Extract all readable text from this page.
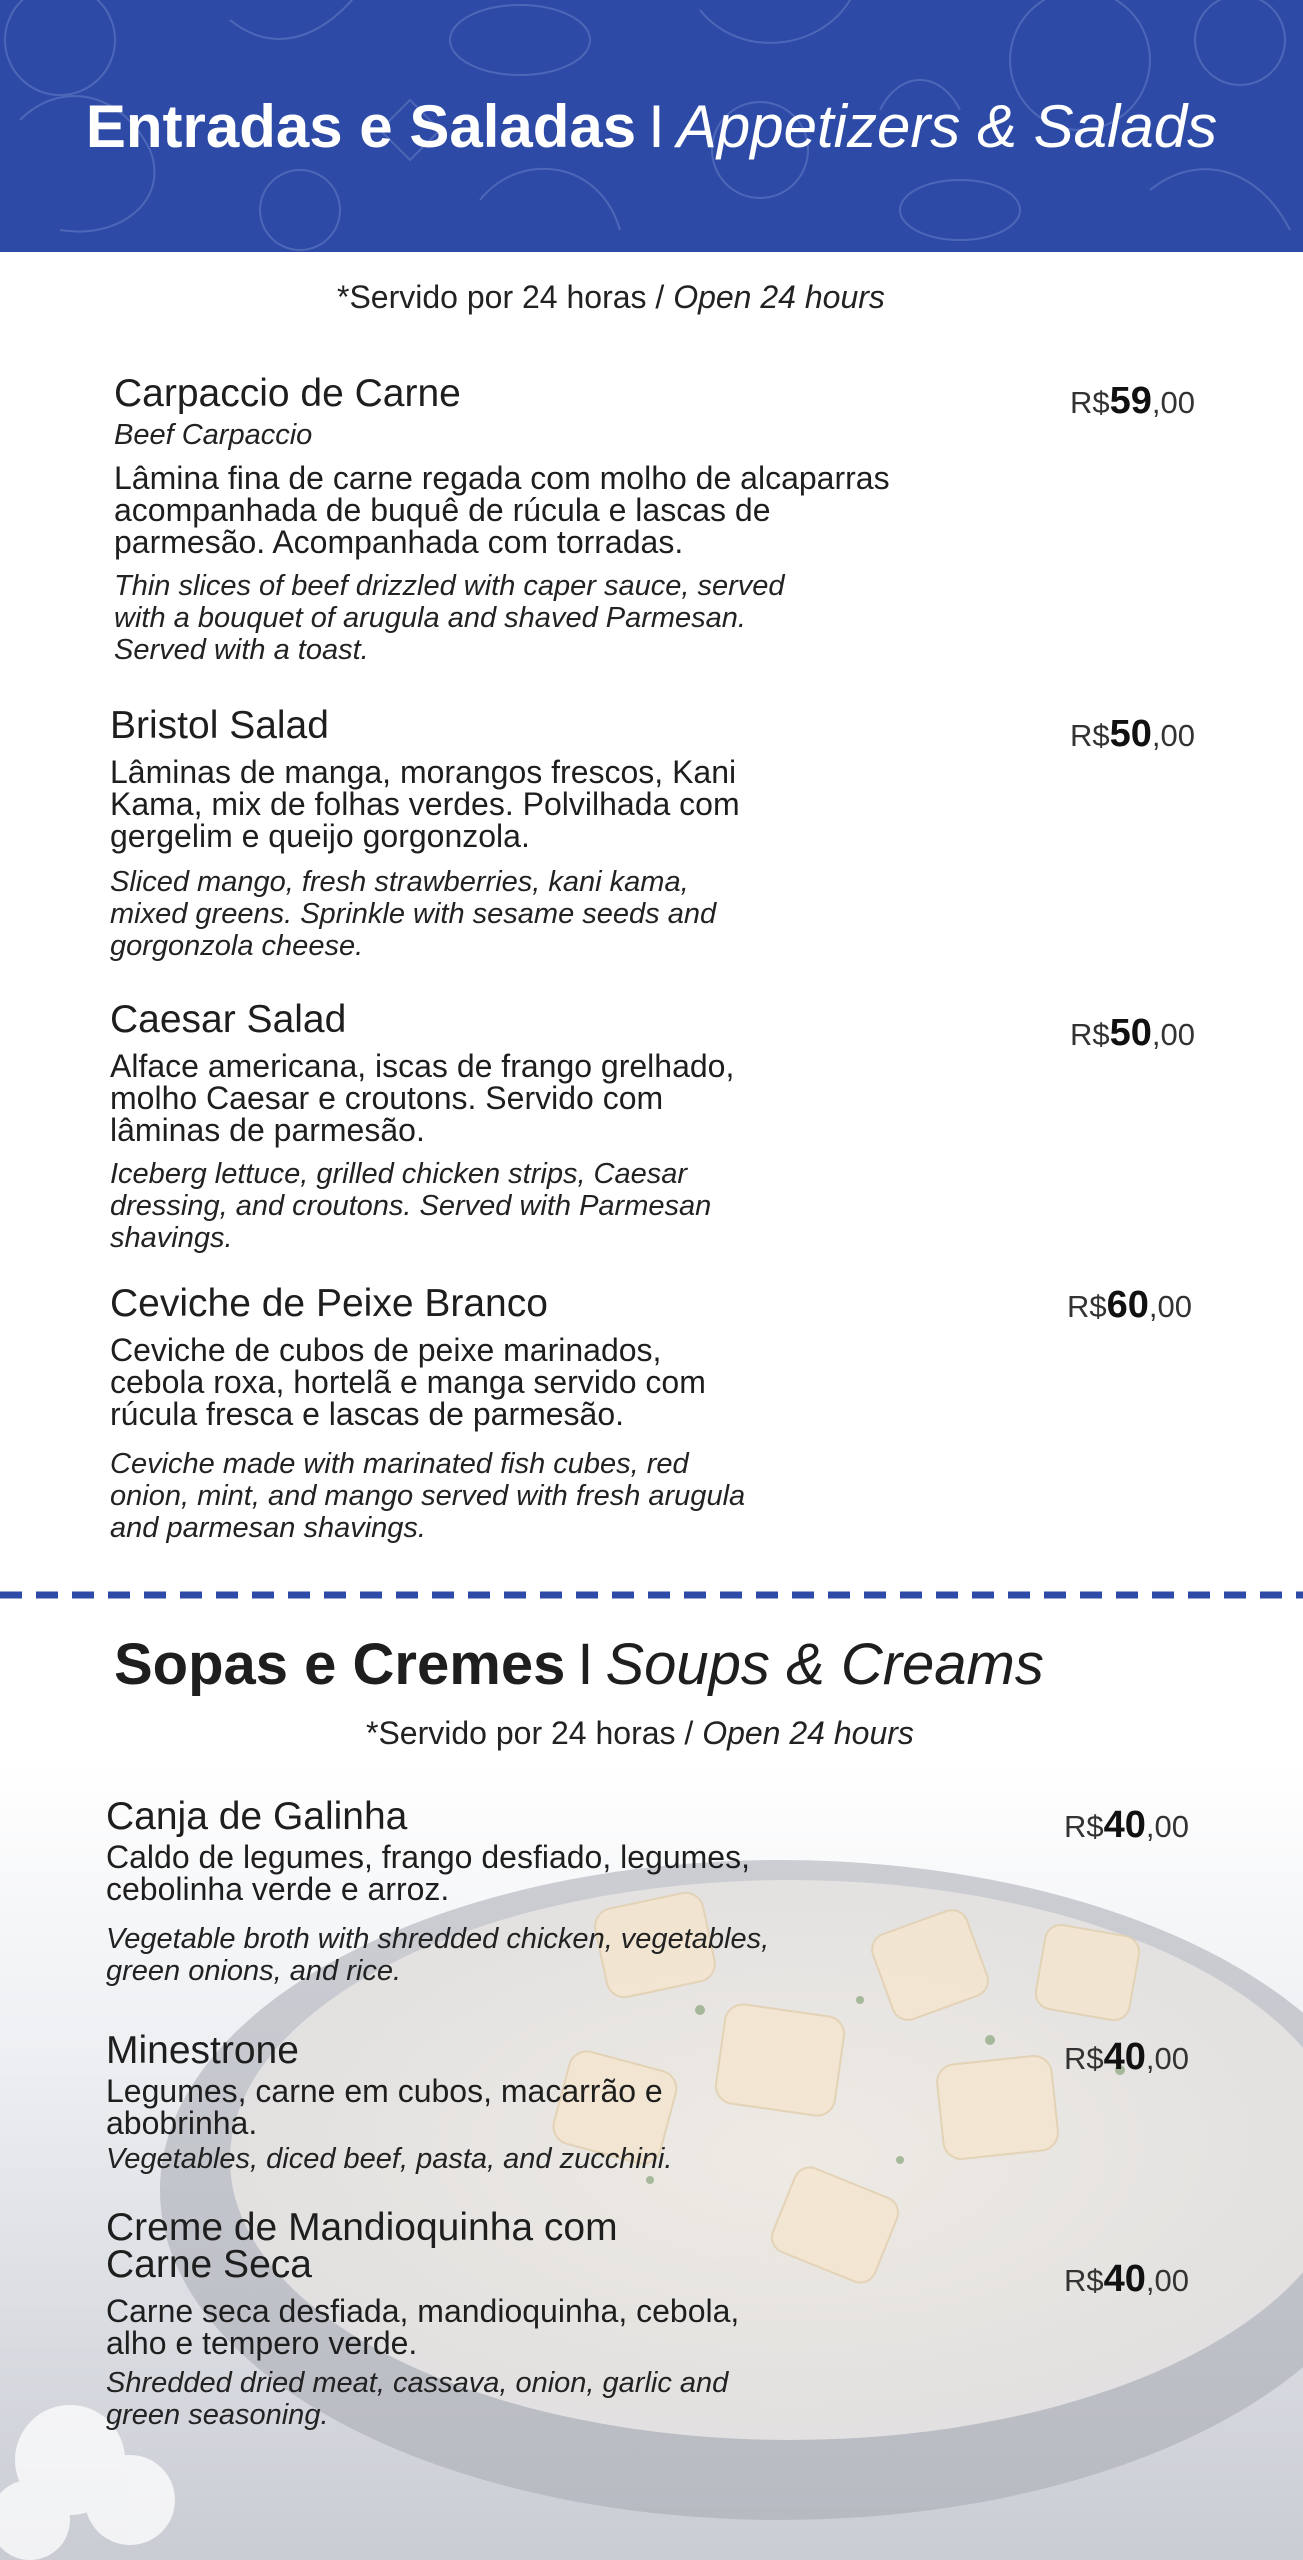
Entradas e Saladas I Appetizers & Salads
*Servido por 24 horas / Open 24 hours
Carpaccio de Carne
Beef Carpaccio
Lâmina fina de carne regada com molho de alcaparras acompanhada de buquê de rúcula e lascas de parmesão. Acompanhada com torradas.
Thin slices of beef drizzled with caper sauce, served with a bouquet of arugula and shaved Parmesan. Served with a toast.
R$59,00
Bristol Salad
Lâminas de manga, morangos frescos, Kani Kama, mix de folhas verdes. Polvilhada com gergelim e queijo gorgonzola.
Sliced mango, fresh strawberries, kani kama, mixed greens. Sprinkle with sesame seeds and gorgonzola cheese.
R$50,00
Caesar Salad
Alface americana, iscas de frango grelhado, molho Caesar e croutons. Servido com lâminas de parmesão.
Iceberg lettuce, grilled chicken strips, Caesar dressing, and croutons. Served with Parmesan shavings.
R$50,00
Ceviche de Peixe Branco
Ceviche de cubos de peixe marinados, cebola roxa, hortelã e manga servido com rúcula fresca e lascas de parmesão.
Ceviche made with marinated fish cubes, red onion, mint, and mango served with fresh arugula and parmesan shavings.
R$60,00
Sopas e Cremes I Soups & Creams
*Servido por 24 horas / Open 24 hours
Canja de Galinha
Caldo de legumes, frango desfiado, legumes, cebolinha verde e arroz.
Vegetable broth with shredded chicken, vegetables, green onions, and rice.
R$40,00
Minestrone
Legumes, carne em cubos, macarrão e abobrinha.
Vegetables, diced beef, pasta, and zucchini.
R$40,00
Creme de Mandioquinha com
Carne Seca
Carne seca desfiada, mandioquinha, cebola, alho e tempero verde.
Shredded dried meat, cassava, onion, garlic and green seasoning.
R$40,00
